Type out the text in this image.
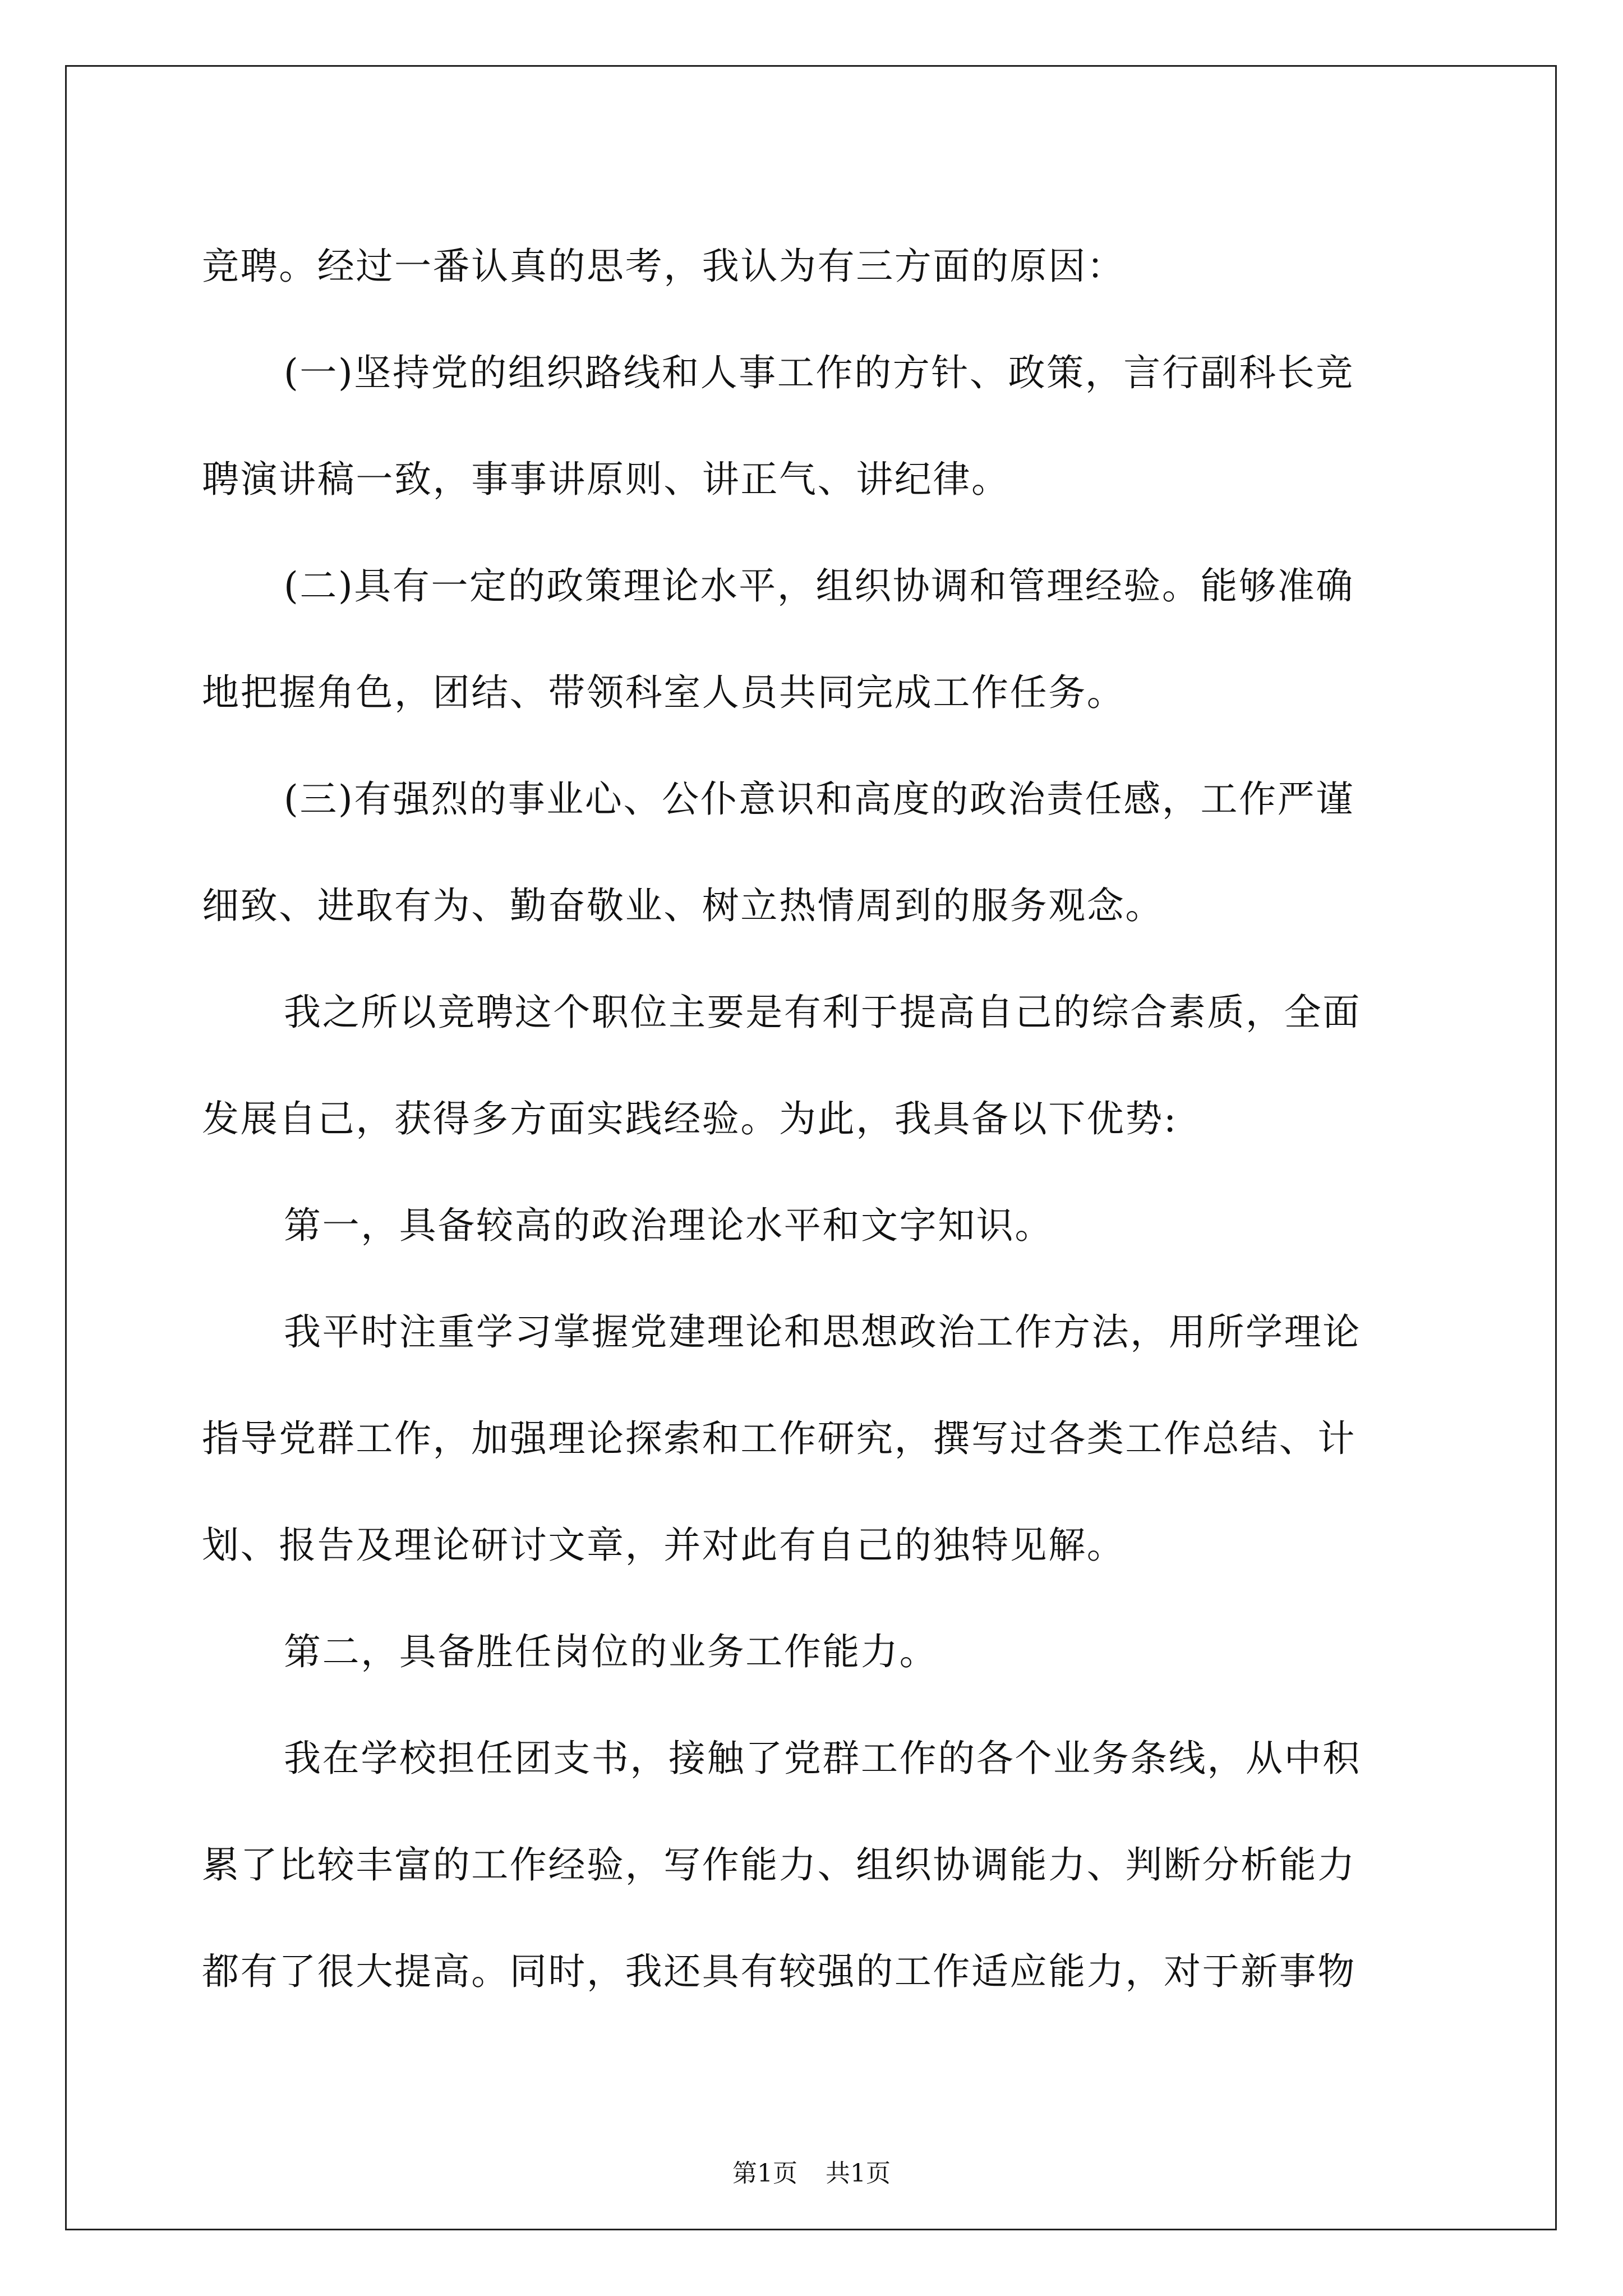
竞聘。经过一番认真的思考，我认为有三方面的原因：
(一)坚持党的组织路线和人事工作的方针、政策，言行副科长竞
聘演讲稿一致，事事讲原则、讲正气、讲纪律。
(二)具有一定的政策理论水平，组织协调和管理经验。能够准确
地把握角色，团结、带领科室人员共同完成工作任务。
(三)有强烈的事业心、公仆意识和高度的政治责任感，工作严谨
细致、进取有为、勤奋敬业、树立热情周到的服务观念。
我之所以竞聘这个职位主要是有利于提高自己的综合素质，全面
发展自己，获得多方面实践经验。为此，我具备以下优势:
第一，具备较高的政治理论水平和文字知识。
我平时注重学习掌握党建理论和思想政治工作方法，用所学理论
指导党群工作，加强理论探索和工作研究，撰写过各类工作总结、计
划、报告及理论研讨文章，并对此有自己的独特见解。
第二，具备胜任岗位的业务工作能力。
我在学校担任团支书，接触了党群工作的各个业务条线，从中积
累了比较丰富的工作经验，写作能力、组织协调能力、判断分析能力
都有了很大提高。同时，我还具有较强的工作适应能力，对于新事物
第1页 共1页
